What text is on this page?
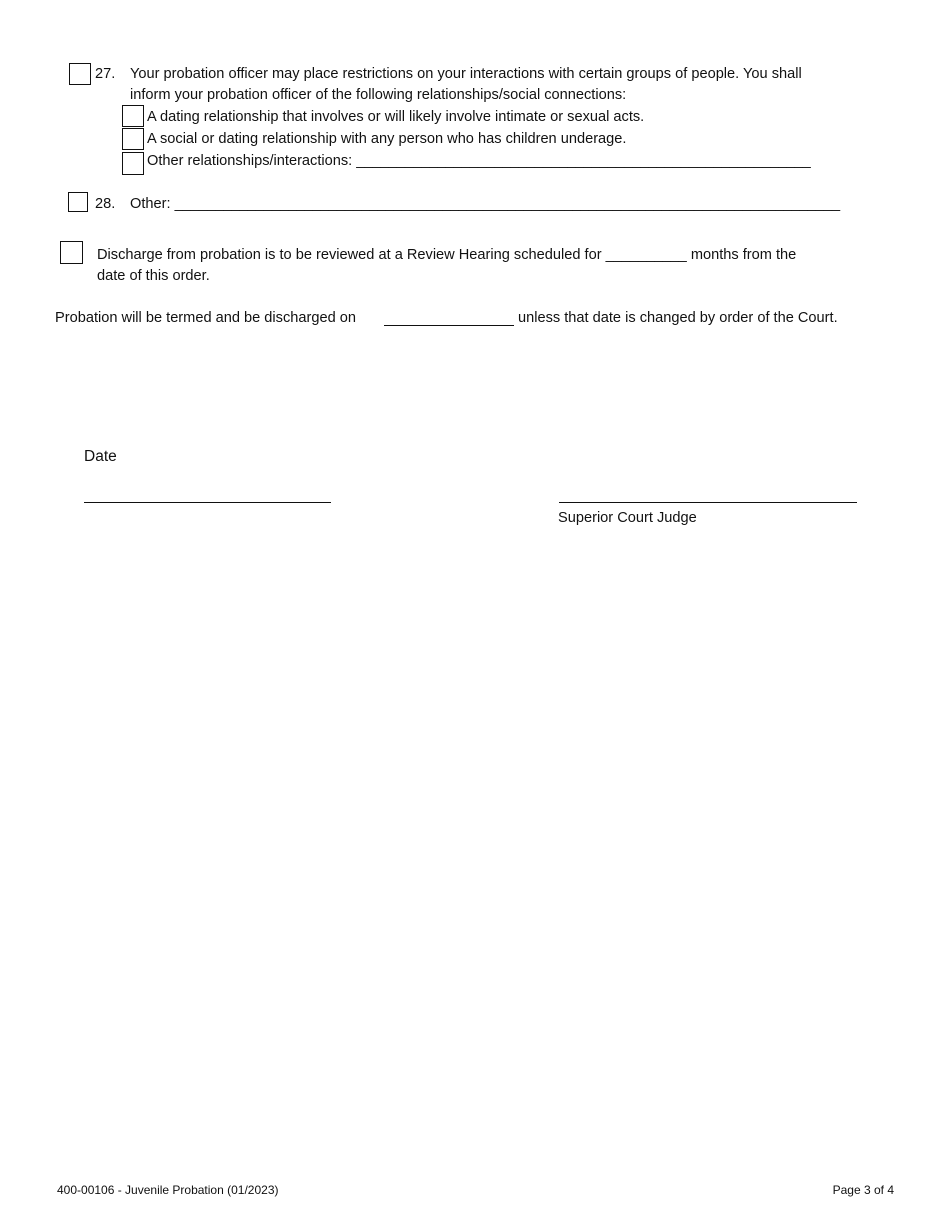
27. Your probation officer may place restrictions on your interactions with certain groups of people. You shall
inform your probation officer of the following relationships/social connections:
A dating relationship that involves or will likely involve intimate or sexual acts.
A social or dating relationship with any person who has children underage.
Other relationships/interactions: ________________________________________________________
28. Other: __________________________________________________________________________________
Discharge from probation is to be reviewed at a Review Hearing scheduled for __________ months from the
date of this order.
Probation will be termed and be discharged on	unless that date is changed by order of the Court.
Date
Superior Court Judge
400-00106 - Juvenile Probation (01/2023)	Page 3 of 4
